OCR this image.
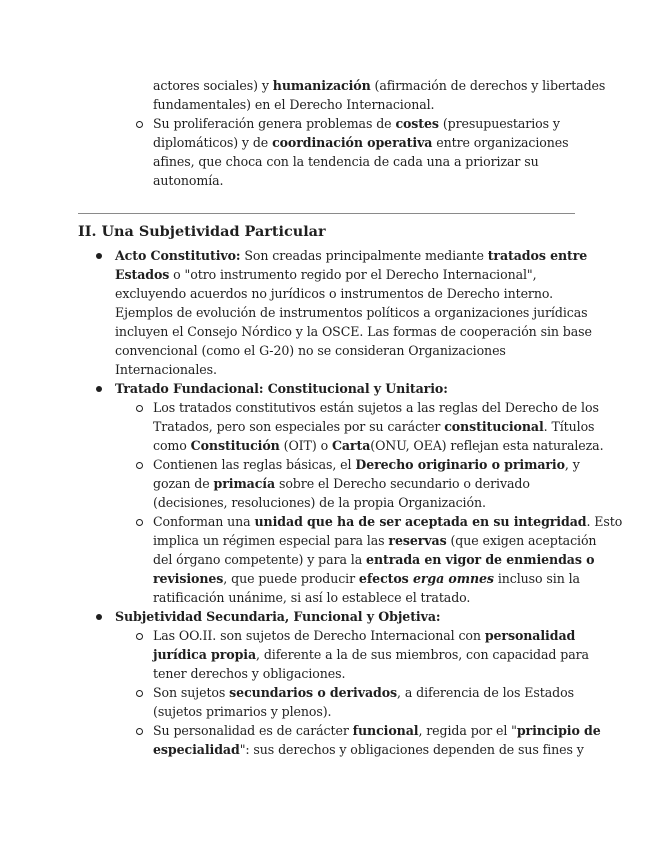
actores sociales) y humanización (afirmación de derechos y libertades
fundamentales) en el Derecho Internacional.
Su proliferación genera problemas de costes (presupuestarios y
diplomáticos) y de coordinación operativa entre organizaciones
afines, que choca con la tendencia de cada una a priorizar su
autonomía.
II. Una Subjetividad Particular
Acto Constitutivo: Son creadas principalmente mediante tratados entre
Estados o "otro instrumento regido por el Derecho Internacional",
excluyendo acuerdos no jurídicos o instrumentos de Derecho interno.
Ejemplos de evolución de instrumentos políticos a organizaciones jurídicas
incluyen el Consejo Nórdico y la OSCE. Las formas de cooperación sin base
convencional (como el G-20) no se consideran Organizaciones
Internacionales.
Tratado Fundacional: Constitucional y Unitario:
Los tratados constitutivos están sujetos a las reglas del Derecho de los
Tratados, pero son especiales por su carácter constitucional. Títulos
como Constitución (OIT) o Carta(ONU, OEA) reflejan esta naturaleza.
Contienen las reglas básicas, el Derecho originario o primario, y
gozan de primacía sobre el Derecho secundario o derivado
(decisiones, resoluciones) de la propia Organización.
Conforman una unidad que ha de ser aceptada en su integridad. Esto
implica un régimen especial para las reservas (que exigen aceptación
del órgano competente) y para la entrada en vigor de enmiendas o
revisiones, que puede producir efectos erga omnes incluso sin la
ratificación unánime, si así lo establece el tratado.
Subjetividad Secundaria, Funcional y Objetiva:
Las OO.II. son sujetos de Derecho Internacional con personalidad
jurídica propia, diferente a la de sus miembros, con capacidad para
tener derechos y obligaciones.
Son sujetos secundarios o derivados, a diferencia de los Estados
(sujetos primarios y plenos).
Su personalidad es de carácter funcional, regida por el "principio de
especialidad": sus derechos y obligaciones dependen de sus fines y
